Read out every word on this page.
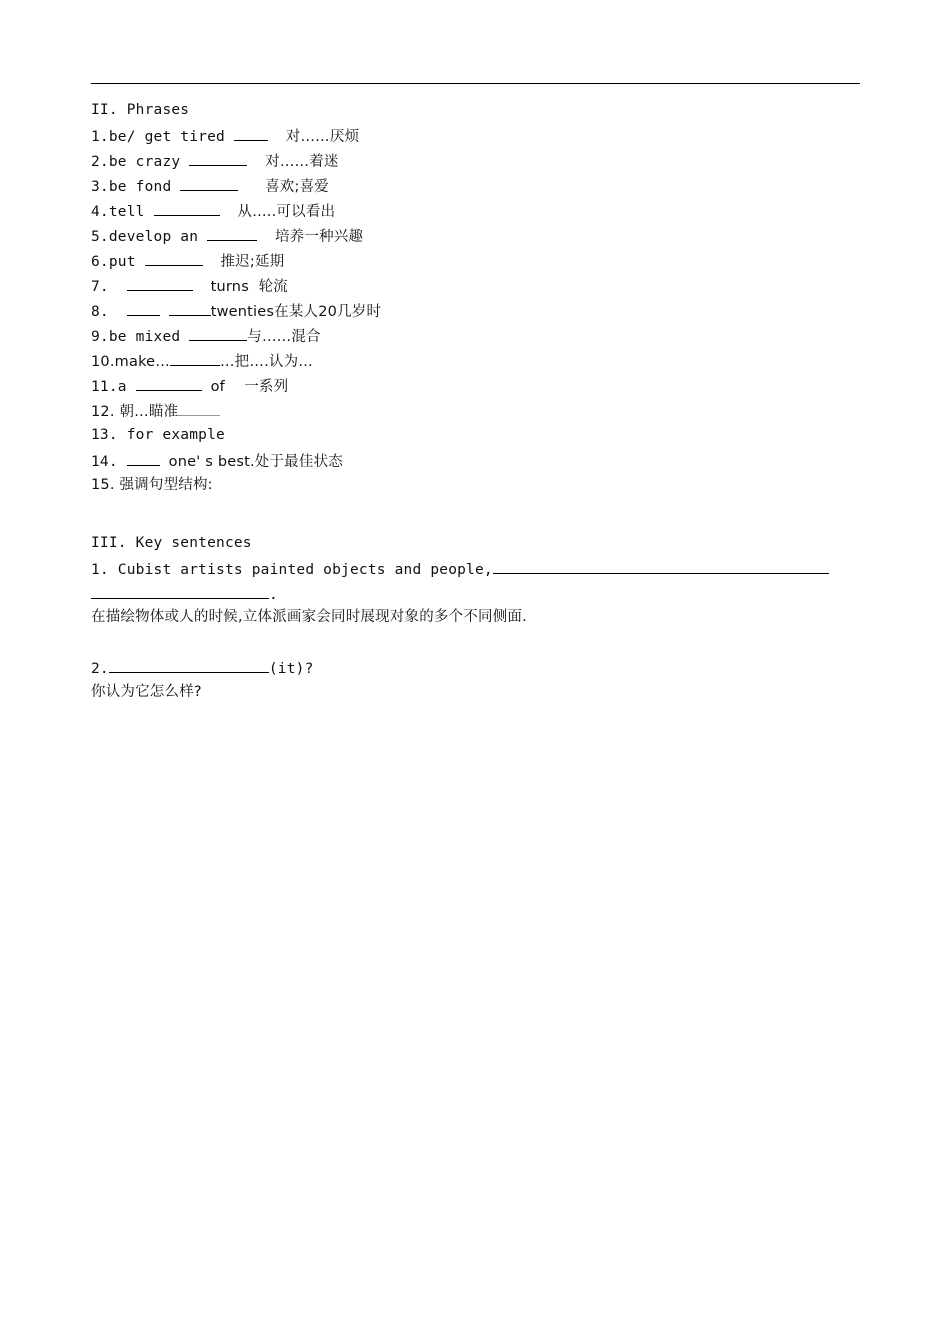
II. Phrases
1.be/ get tired	对……厌烦
2.be crazy	对……着迷
3.be fond	喜欢;喜爱
4.tell	从…..可以看出
5.develop an	培养一种兴趣
6.put	推迟;延期
7.	turns  轮流
8.	twenties在某人20几岁时
9.be mixed	与……混合
10.make…	…把….认为…
11.a	of    一系列
12. 朝…瞄准
13. for example
14.	one' s best.处于最佳状态
15. 强调句型结构:
III. Key sentences
1. Cubist artists painted objects and people,
.
在描绘物体或人的时候,立体派画家会同时展现对象的多个不同侧面.
2.	(it)?
你认为它怎么样?
